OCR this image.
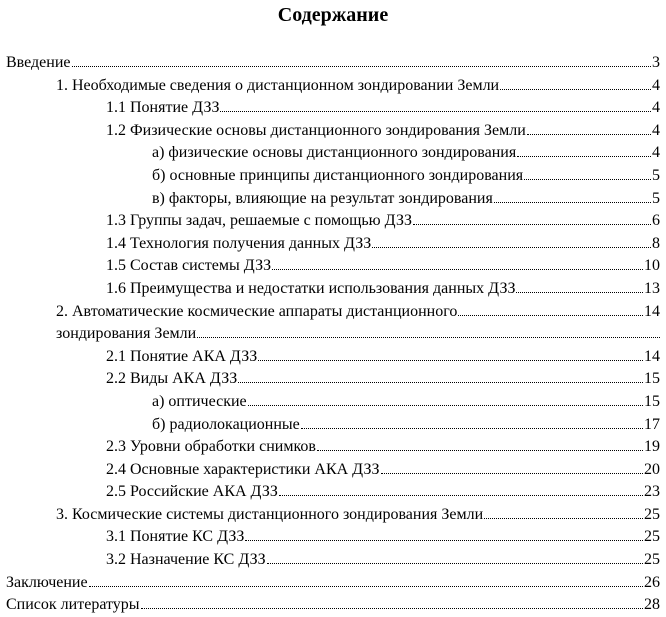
Содержание
Введение	3
1. Необходимые сведения о дистанционном зондировании Земли	4
1.1 Понятие ДЗЗ	4
1.2 Физические основы дистанционного зондирования Земли	4
а) физические основы дистанционного зондирования	4
б) основные принципы дистанционного зондирования	5
в) факторы, влияющие на результат зондирования	5
1.3 Группы задач, решаемые с помощью ДЗЗ	6
1.4 Технология получения данных ДЗЗ	8
1.5 Состав системы ДЗЗ	10
1.6 Преимущества и недостатки использования данных ДЗЗ	13
2. Автоматические космические аппараты дистанционного	14
зондирования Земли
2.1 Понятие АКА ДЗЗ	14
2.2 Виды АКА ДЗЗ	15
а) оптические	15
б) радиолокационные	17
2.3 Уровни обработки снимков	19
2.4 Основные характеристики АКА ДЗЗ	20
2.5 Российские АКА ДЗЗ	23
3. Космические системы дистанционного зондирования Земли	25
3.1 Понятие КС ДЗЗ	25
3.2 Назначение КС ДЗЗ	25
Заключение	26
Список литературы	28
